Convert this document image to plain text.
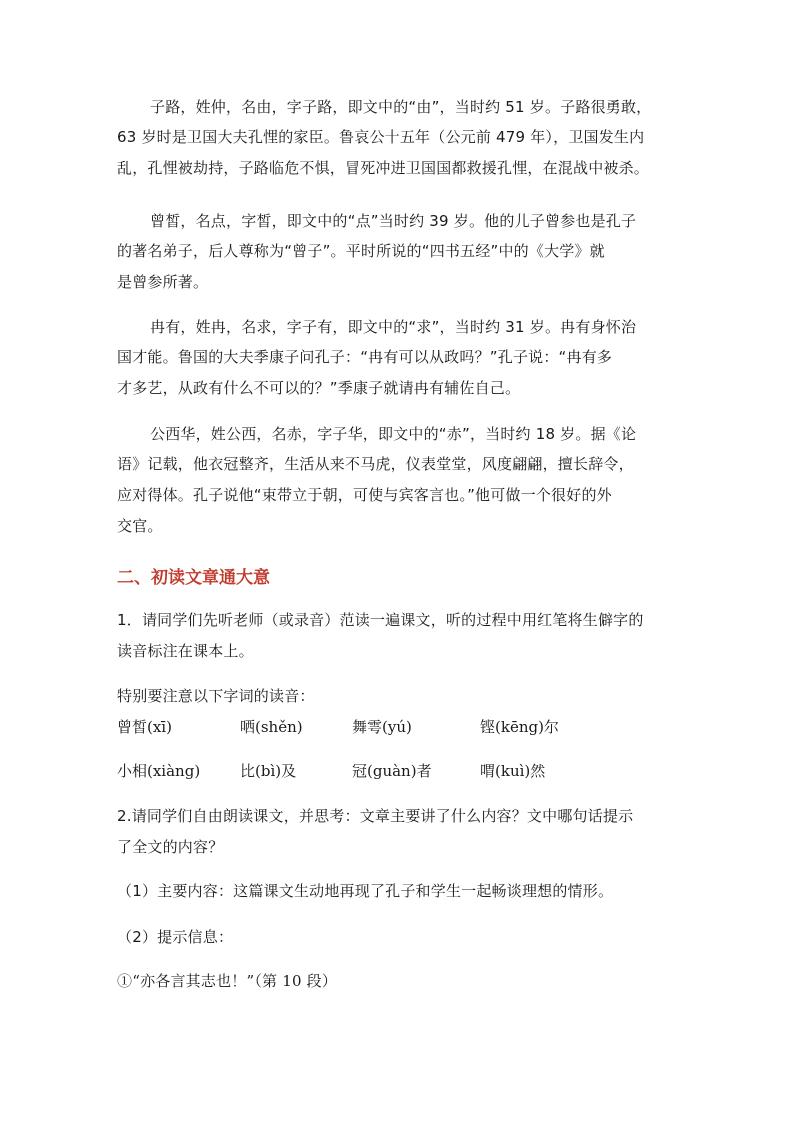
子路，姓仲，名由，字子路，即文中的“由”，当时约 51 岁。子路很勇敢，
63 岁时是卫国大夫孔悝的家臣。鲁哀公十五年（公元前 479 年），卫国发生内
乱，孔悝被劫持，子路临危不惧，冒死冲进卫国国都救援孔悝，在混战中被杀。
曾皙，名点，字皙，即文中的“点”当时约 39 岁。他的儿子曾参也是孔子
的著名弟子，后人尊称为“曾子”。平时所说的“四书五经”中的《大学》就
是曾参所著。
冉有，姓冉，名求，字子有，即文中的“求”，当时约 31 岁。冉有身怀治
国才能。鲁国的大夫季康子问孔子：“冉有可以从政吗？”孔子说：“冉有多
才多艺，从政有什么不可以的？”季康子就请冉有辅佐自己。
公西华，姓公西，名赤，字子华，即文中的“赤”，当时约 18 岁。据《论
语》记载，他衣冠整齐，生活从来不马虎，仪表堂堂，风度翩翩，擅长辞令，
应对得体。孔子说他“束带立于朝，可使与宾客言也。”他可做一个很好的外
交官。
二、初读文章通大意
1．请同学们先听老师（或录音）范读一遍课文，听的过程中用红笔将生僻字的
读音标注在课本上。
特别要注意以下字词的读音：
曾皙(xī)	哂(shěn)	舞雩(yú)	铿(kēng)尔
小相(xiàng)	比(bì)及	冠(guàn)者	喟(kuì)然
2.请同学们自由朗读课文，并思考：文章主要讲了什么内容？文中哪句话提示
了全文的内容？
（1）主要内容：这篇课文生动地再现了孔子和学生一起畅谈理想的情形。
（2）提示信息：
①“亦各言其志也！”（第 10 段）
